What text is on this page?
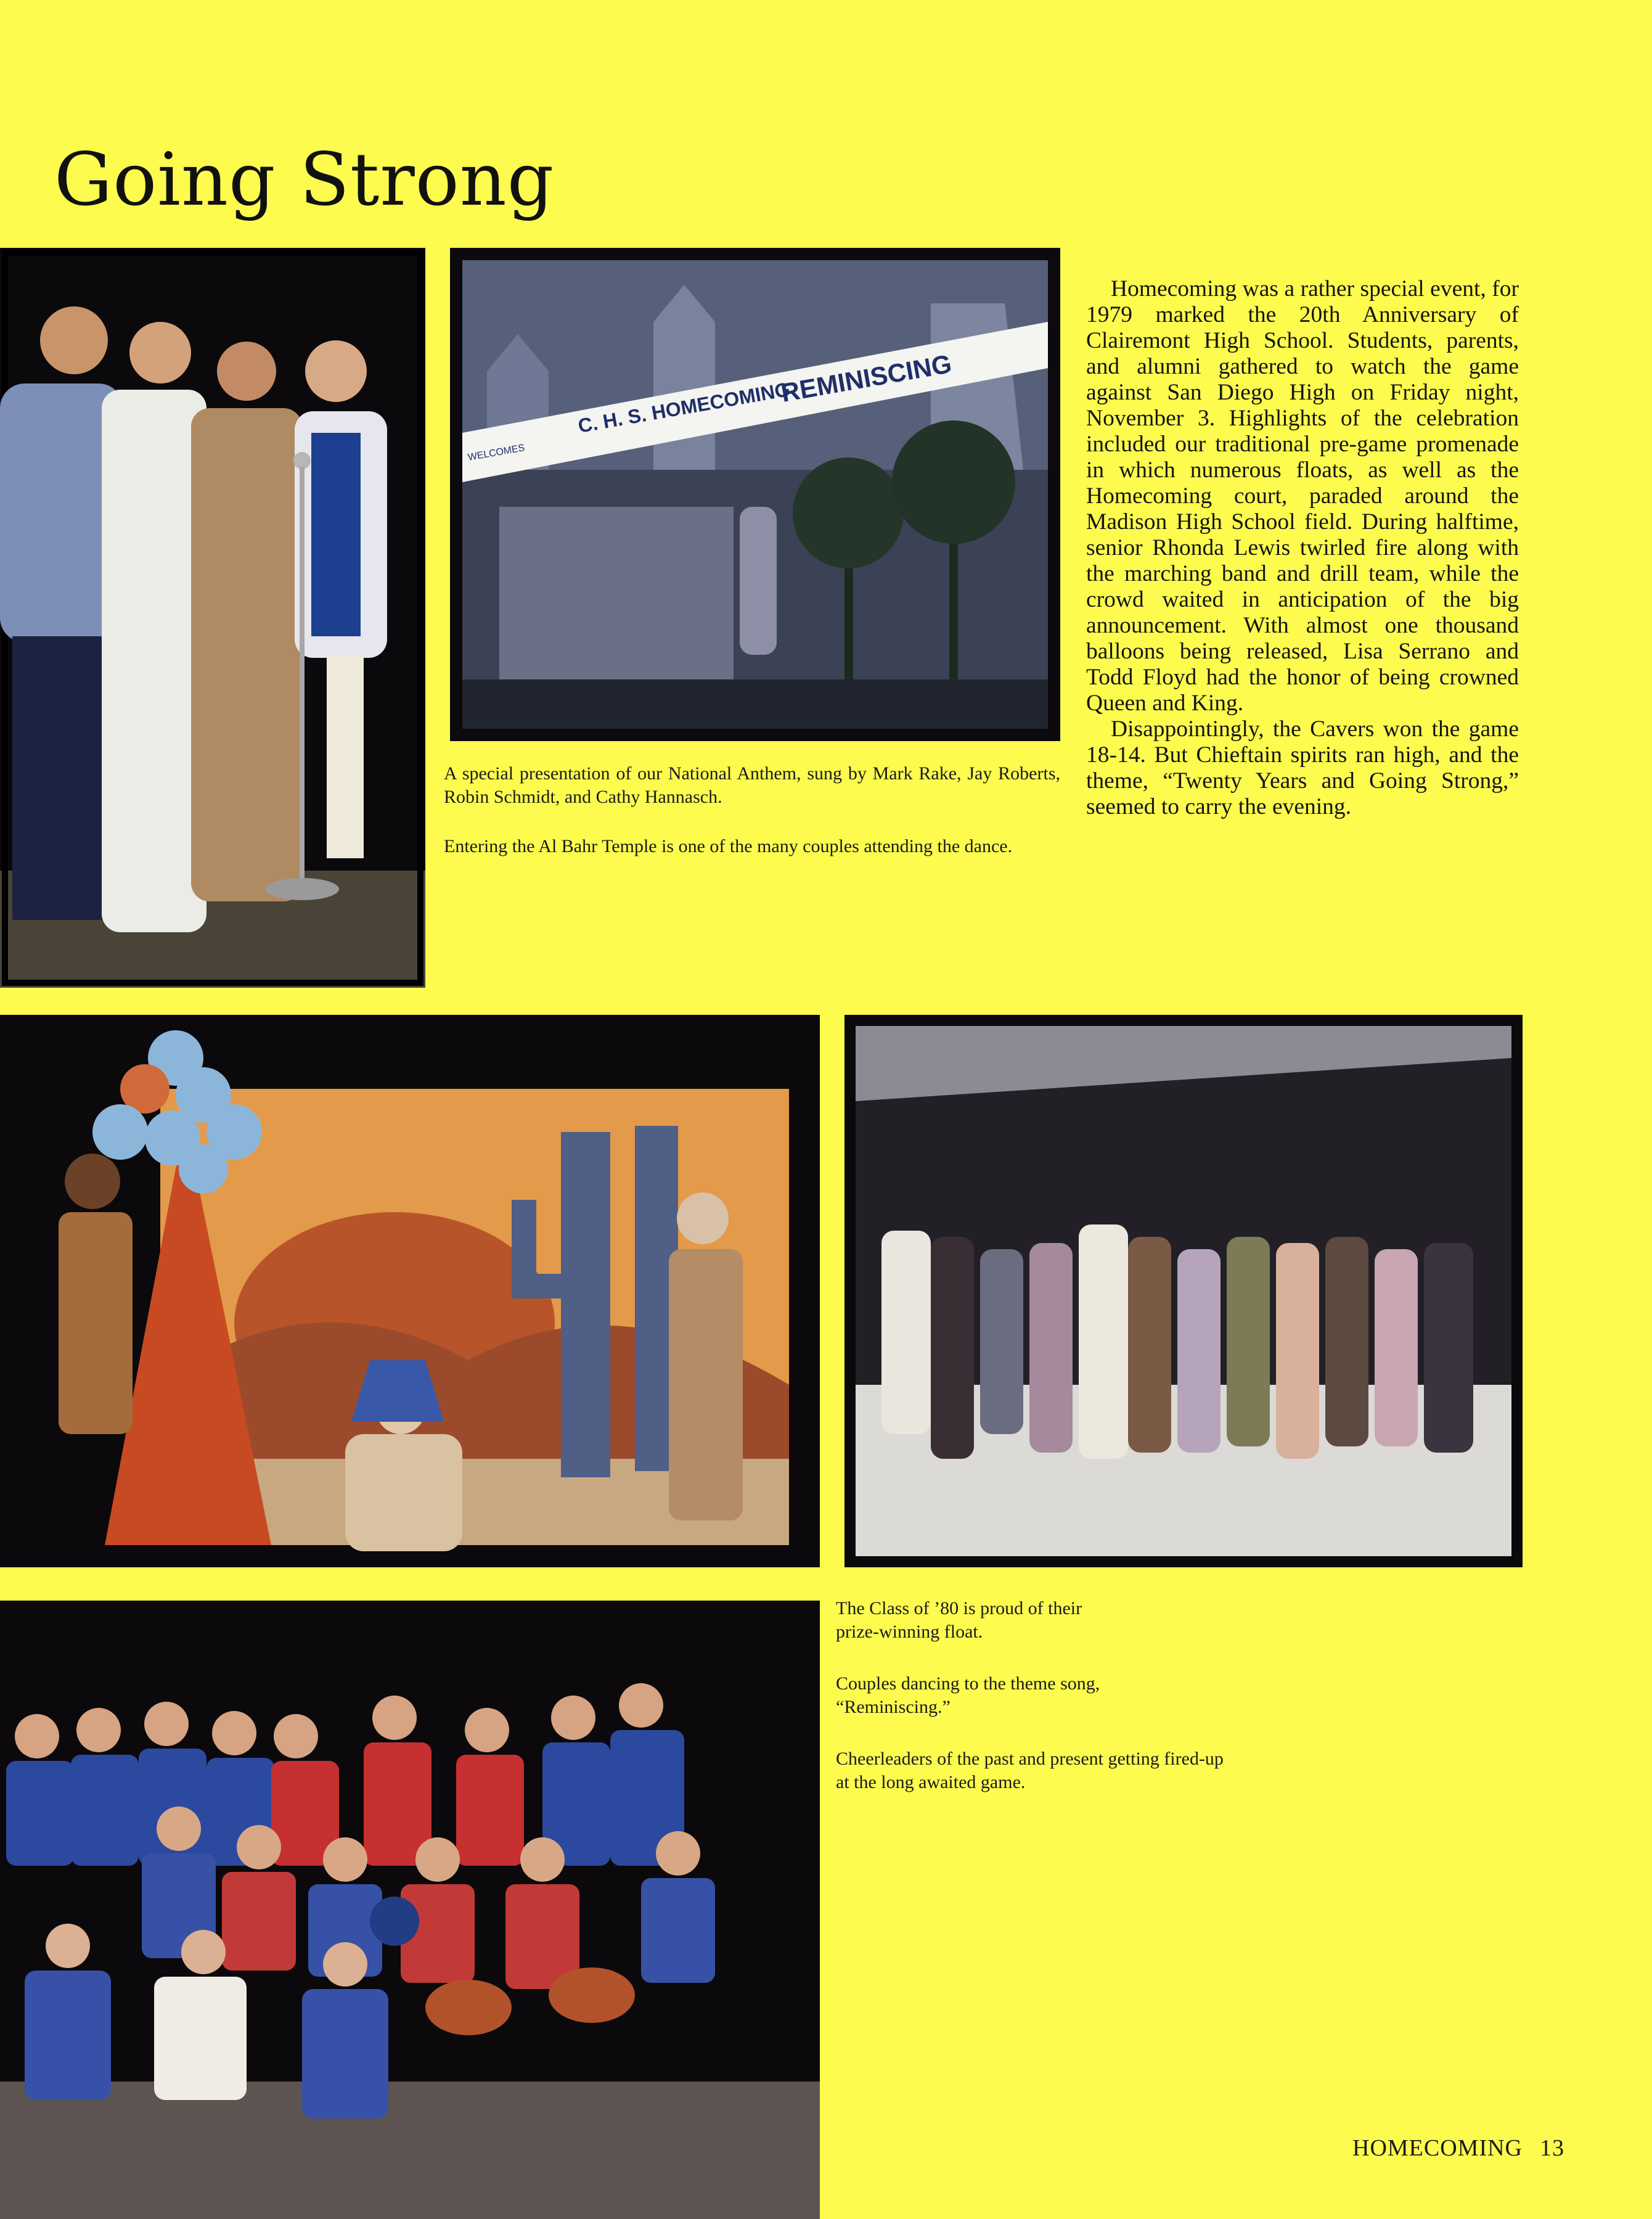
Going Strong
C. H. S. HOMECOMING
REMINISCING
WELCOMES

A special presentation of our National Anthem, sung by Mark Rake, Jay Roberts, Robin Schmidt, and Cathy Hannasch.

Entering the Al Bahr Temple is one of the many couples attending the dance.

Homecoming was a rather special event, for 1979 marked the 20th Anniversary of Clairemont High School. Students, parents, and alumni gathered to watch the game against San Diego High on Friday night, November 3. Highlights of the celebration included our traditional pre-game promenade in which numerous floats, as well as the Homecoming court, paraded around the Madison High School field. During halftime, senior Rhonda Lewis twirled fire along with the marching band and drill team, while the crowd waited in anticipation of the big announcement. With almost one thousand balloons being released, Lisa Serrano and Todd Floyd had the honor of being crowned Queen and King.

Disappointingly, the Cavers won the game 18-14. But Chieftain spirits ran high, and the theme, “Twenty Years and Going Strong,” seemed to carry the evening.

The Class of ’80 is proud of their prize-winning float.

Couples dancing to the theme song, “Reminiscing.”

Cheerleaders of the past and present getting fired-up at the long awaited game.

HOMECOMING 13
